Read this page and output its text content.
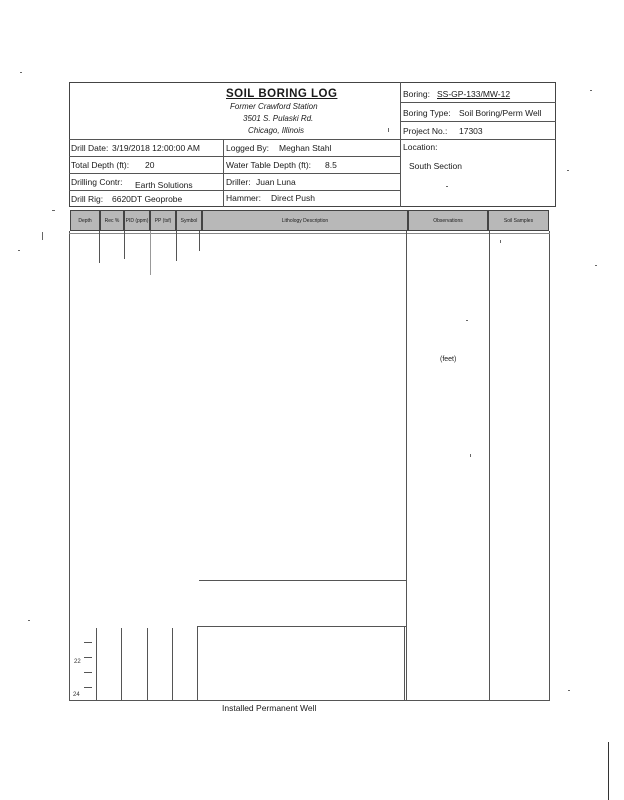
SOIL BORING LOG
Former Crawford Station
3501 S. Pulaski Rd.
Chicago, Illinois
Boring: SS-GP-133/MW-12
Boring Type: Soil Boring/Perm Well
Project No.: 17303
Location:
South Section
Drill Date: 3/19/2018 12:00:00 AM
Total Depth (ft): 20
Drilling Contr: Earth Solutions
Drill Rig: 6620DT Geoprobe
Logged By: Meghan Stahl
Water Table Depth (ft): 8.5
Driller: Juan Luna
Hammer: Direct Push
Depth	Rec %	PID (ppm)	PP (tsf)	Symbol	Lithology Description	Observations	Soil Samples
22
24
(feet)
Installed Permanent Well
